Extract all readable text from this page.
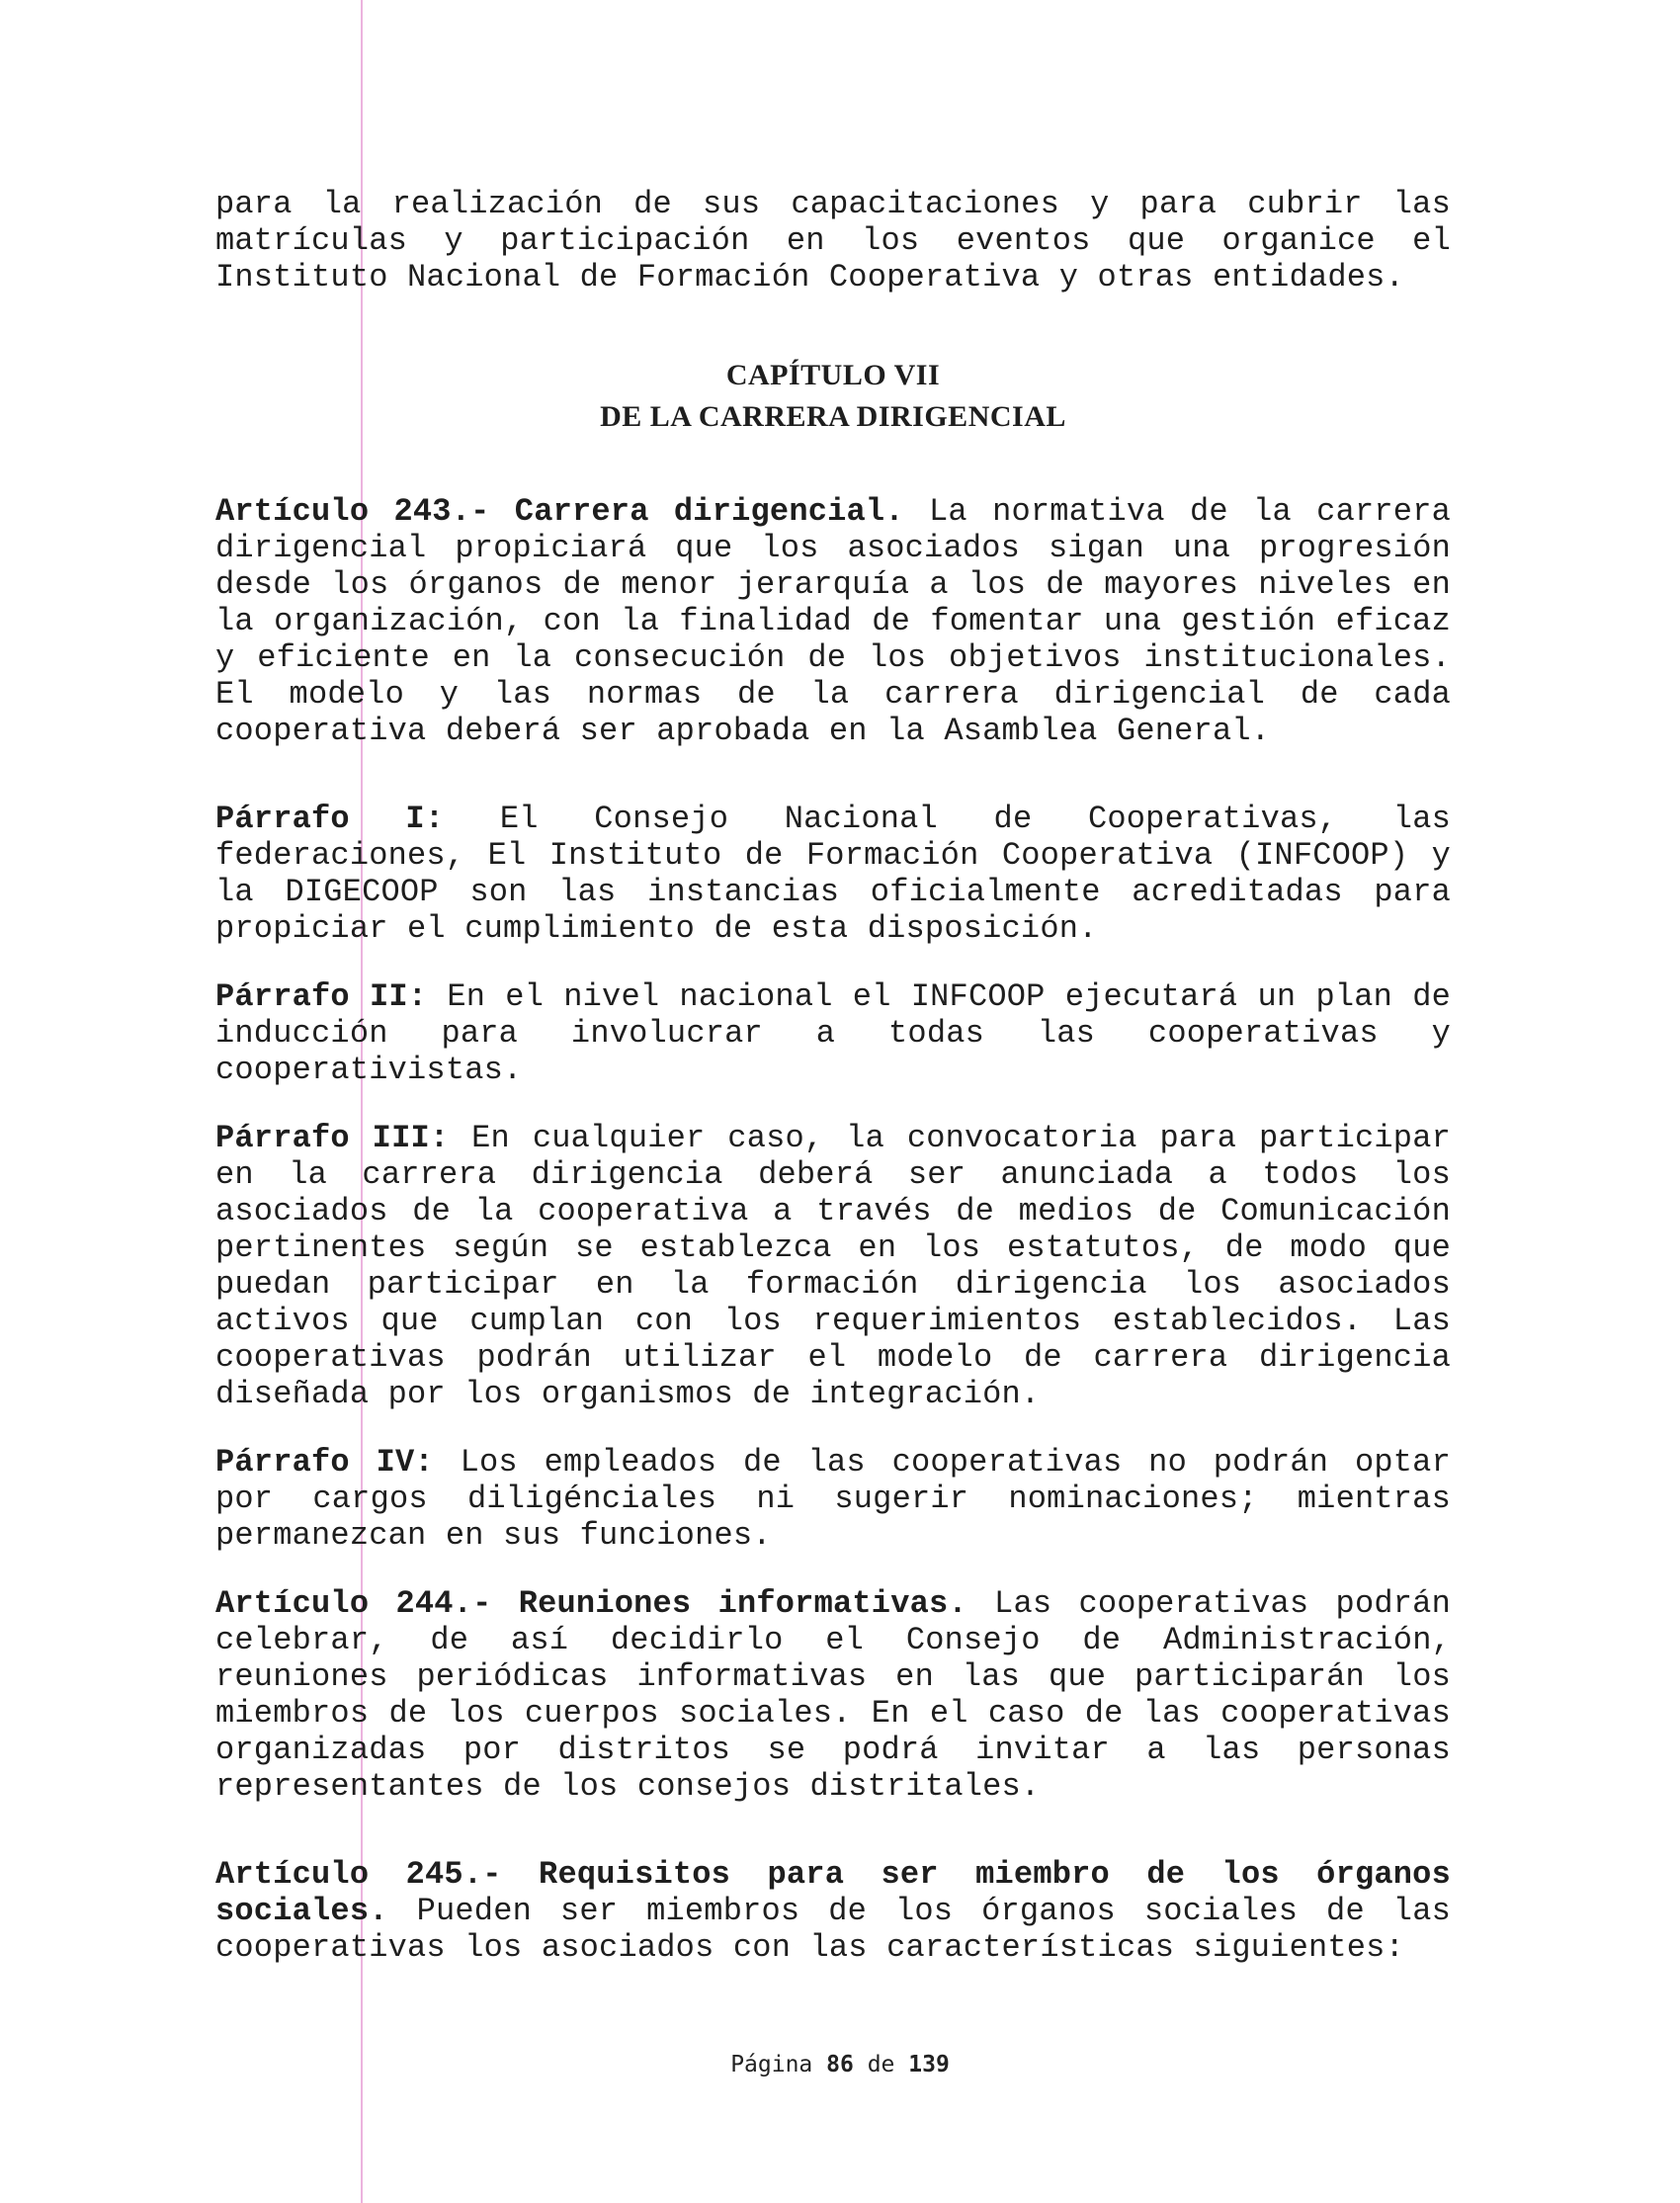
para la realización de sus capacitaciones y para cubrir las matrículas y participación en los eventos que organice el Instituto Nacional de Formación Cooperativa y otras entidades.

CAPÍTULO VII
DE LA CARRERA DIRIGENCIAL

Artículo 243.- Carrera dirigencial. La normativa de la carrera dirigencial propiciará que los asociados sigan una progresión desde los órganos de menor jerarquía a los de mayores niveles en la organización, con la finalidad de fomentar una gestión eficaz y eficiente en la consecución de los objetivos institucionales. El modelo y las normas de la carrera dirigencial de cada cooperativa deberá ser aprobada en la Asamblea General.

Párrafo I: El Consejo Nacional de Cooperativas, las federaciones, El Instituto de Formación Cooperativa (INFCOOP) y la DIGECOOP son las instancias oficialmente acreditadas para propiciar el cumplimiento de esta disposición.

Párrafo II: En el nivel nacional el INFCOOP ejecutará un plan de inducción para involucrar a todas las cooperativas y cooperativistas.

Párrafo III: En cualquier caso, la convocatoria para participar en la carrera dirigencia deberá ser anunciada a todos los asociados de la cooperativa a través de medios de Comunicación pertinentes según se establezca en los estatutos, de modo que puedan participar en la formación dirigencia los asociados activos que cumplan con los requerimientos establecidos. Las cooperativas podrán utilizar el modelo de carrera dirigencia diseñada por los organismos de integración.

Párrafo IV: Los empleados de las cooperativas no podrán optar por cargos diligénciales ni sugerir nominaciones; mientras permanezcan en sus funciones.

Artículo 244.- Reuniones informativas. Las cooperativas podrán celebrar, de así decidirlo el Consejo de Administración, reuniones periódicas informativas en las que participarán los miembros de los cuerpos sociales. En el caso de las cooperativas organizadas por distritos se podrá invitar a las personas representantes de los consejos distritales.

Artículo 245.- Requisitos para ser miembro de los órganos sociales. Pueden ser miembros de los órganos sociales de las cooperativas los asociados con las características siguientes:

Página 86 de 139
